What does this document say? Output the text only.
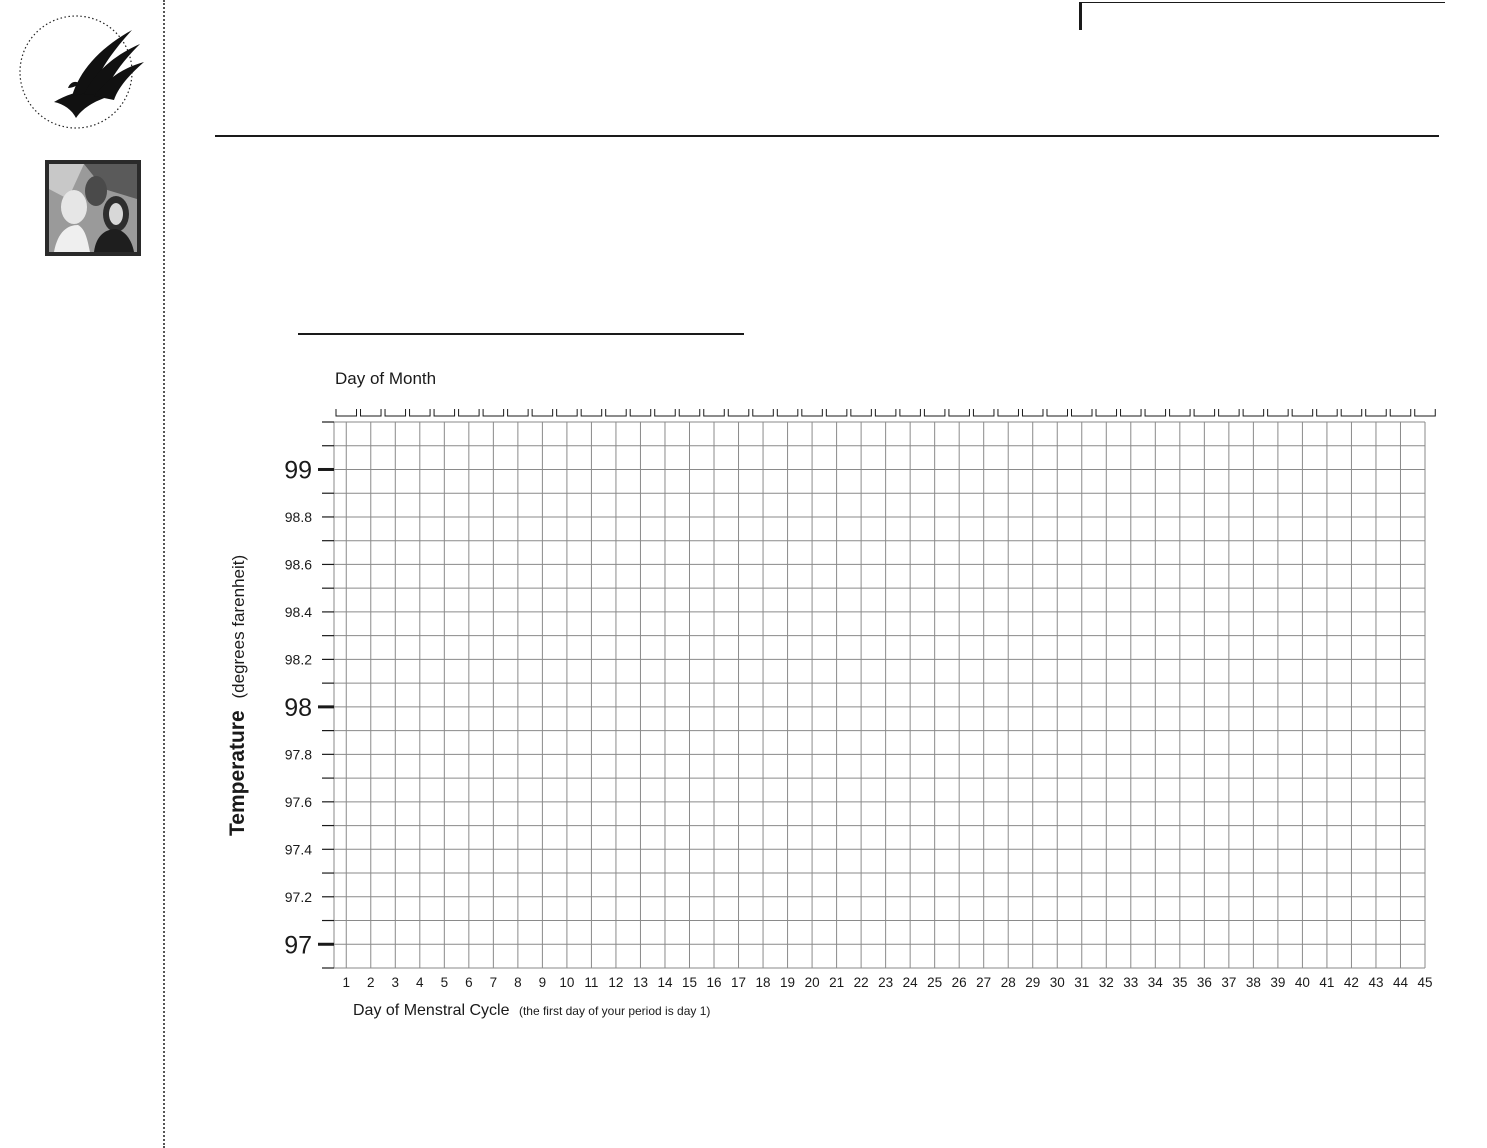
Day of Month
97
97.2
97.4
97.6
97.8
98
98.2
98.4
98.6
98.8
99
1 2 3 4 5 6 7 8 9 10 11 12 13 14 15 16 17 18 19 20 21 22 23 24 25 26 27 28 29 30 31 32 33 34 35 36 37 38 39 40 41 42 43 44 45
Temperature (degrees farenheit)
Day of Menstral Cycle (the first day of your period is day 1)
